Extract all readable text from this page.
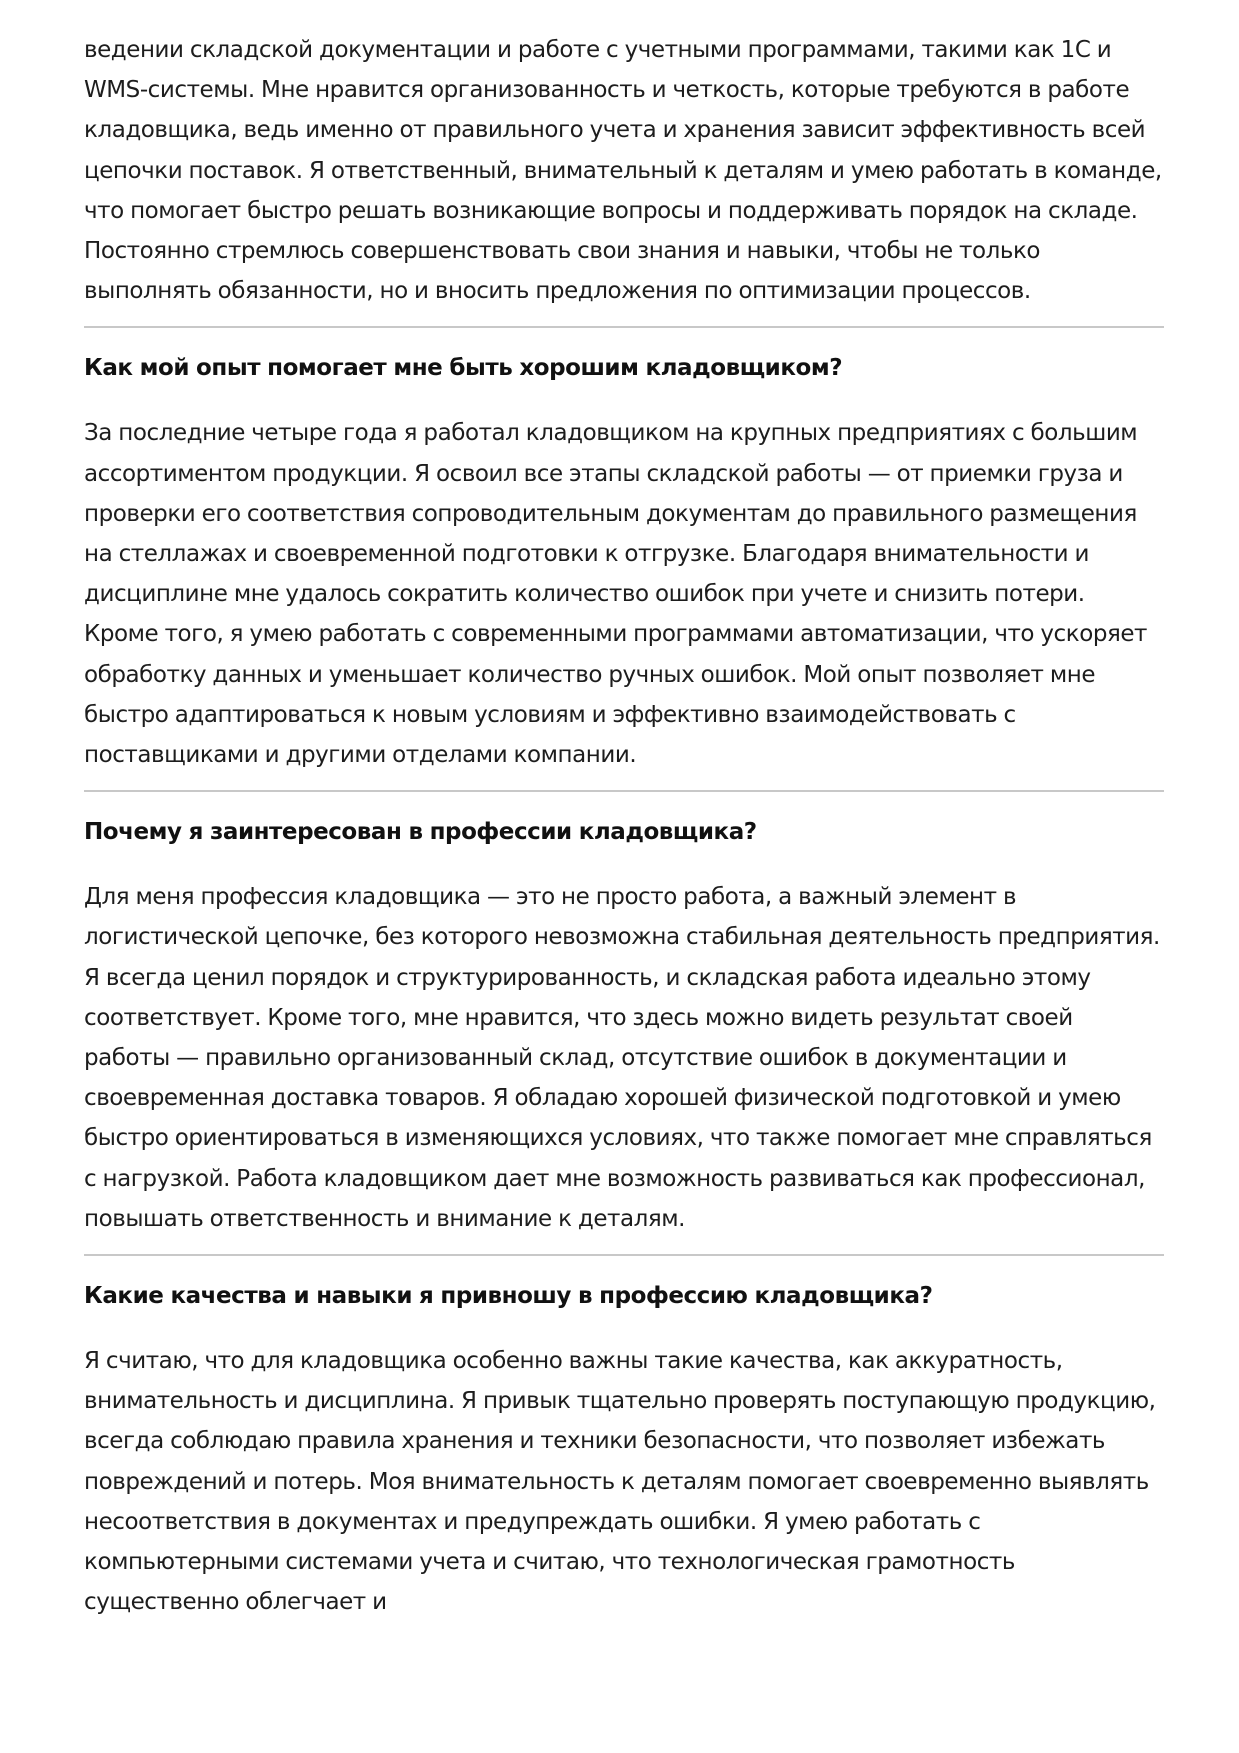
ведении складской документации и работе с учетными программами, такими как 1С и WMS-системы. Мне нравится организованность и четкость, которые требуются в работе кладовщика, ведь именно от правильного учета и хранения зависит эффективность всей цепочки поставок. Я ответственный, внимательный к деталям и умею работать в команде, что помогает быстро решать возникающие вопросы и поддерживать порядок на складе. Постоянно стремлюсь совершенствовать свои знания и навыки, чтобы не только выполнять обязанности, но и вносить предложения по оптимизации процессов.

Как мой опыт помогает мне быть хорошим кладовщиком?

За последние четыре года я работал кладовщиком на крупных предприятиях с большим ассортиментом продукции. Я освоил все этапы складской работы — от приемки груза и проверки его соответствия сопроводительным документам до правильного размещения на стеллажах и своевременной подготовки к отгрузке. Благодаря внимательности и дисциплине мне удалось сократить количество ошибок при учете и снизить потери. Кроме того, я умею работать с современными программами автоматизации, что ускоряет обработку данных и уменьшает количество ручных ошибок. Мой опыт позволяет мне быстро адаптироваться к новым условиям и эффективно взаимодействовать с поставщиками и другими отделами компании.

Почему я заинтересован в профессии кладовщика?

Для меня профессия кладовщика — это не просто работа, а важный элемент в логистической цепочке, без которого невозможна стабильная деятельность предприятия. Я всегда ценил порядок и структурированность, и складская работа идеально этому соответствует. Кроме того, мне нравится, что здесь можно видеть результат своей работы — правильно организованный склад, отсутствие ошибок в документации и своевременная доставка товаров. Я обладаю хорошей физической подготовкой и умею быстро ориентироваться в изменяющихся условиях, что также помогает мне справляться с нагрузкой. Работа кладовщиком дает мне возможность развиваться как профессионал, повышать ответственность и внимание к деталям.

Какие качества и навыки я привношу в профессию кладовщика?

Я считаю, что для кладовщика особенно важны такие качества, как аккуратность, внимательность и дисциплина. Я привык тщательно проверять поступающую продукцию, всегда соблюдаю правила хранения и техники безопасности, что позволяет избежать повреждений и потерь. Моя внимательность к деталям помогает своевременно выявлять несоответствия в документах и предупреждать ошибки. Я умею работать с компьютерными системами учета и считаю, что технологическая грамотность существенно облегчает и
